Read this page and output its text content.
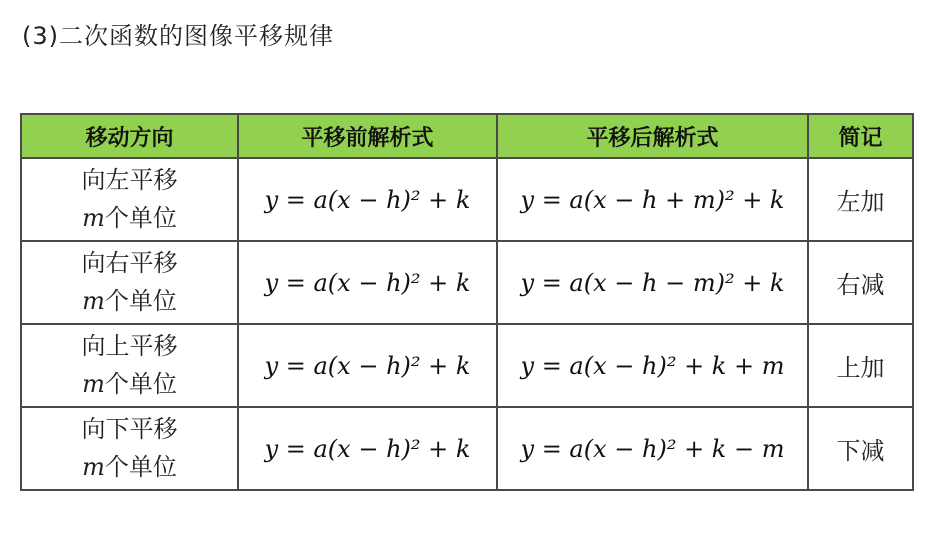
(3)二次函数的图像平移规律
移动方向	平移前解析式	平移后解析式	简记

向左平移
m个单位	y = a(x − h)² + k	y = a(x − h + m)² + k	左加

向右平移
m个单位	y = a(x − h)² + k	y = a(x − h − m)² + k	右减

向上平移
m个单位	y = a(x − h)² + k	y = a(x − h)² + k + m	上加

向下平移
m个单位	y = a(x − h)² + k	y = a(x − h)² + k − m	下减
